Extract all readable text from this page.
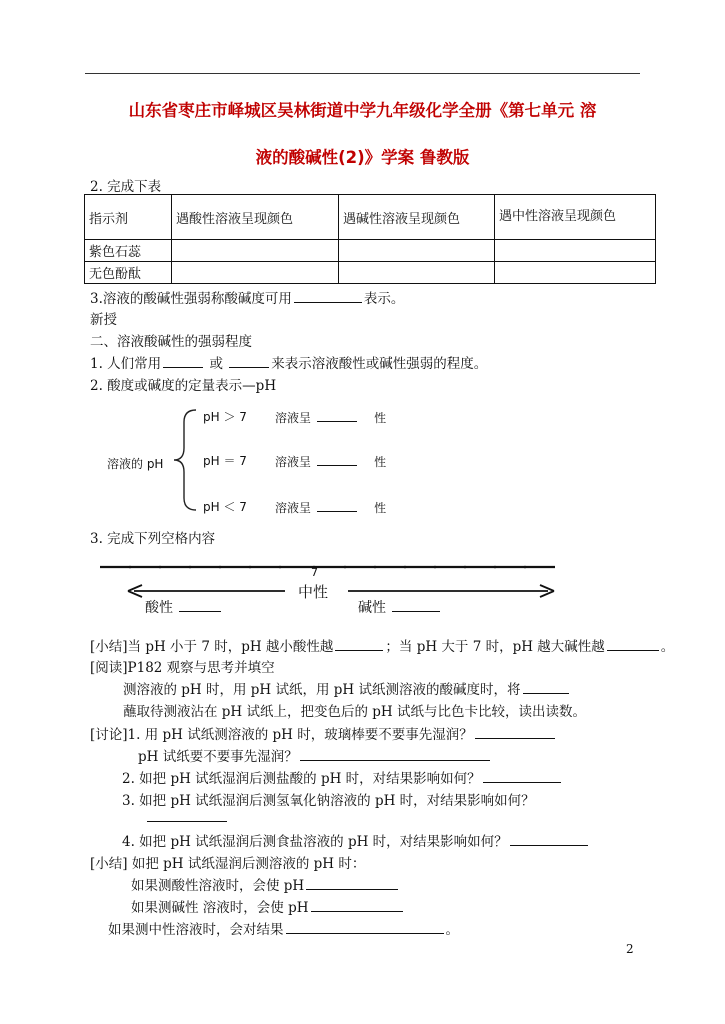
山东省枣庄市峄城区吴林街道中学九年级化学全册《第七单元 溶
液的酸碱性(2)》学案 鲁教版
2. 完成下表
指示剂	遇酸性溶液呈现颜色	遇碱性溶液呈现颜色	遇中性溶液呈现颜色
紫色石蕊			
无色酚酞			
3.溶液的酸碱性强弱称酸碱度可用	表示。
新授
二、溶液酸碱性的强弱程度
1. 人们常用	或	来表示溶液酸性或碱性强弱的程度。
2. 酸度或碱度的定量表示—pH
溶液的 pH
pH ＞ 7 溶液呈	性
pH ＝ 7 溶液呈	性
pH ＜ 7 溶液呈	性
3. 完成下列空格内容
7
中性
酸性	碱性
[小结]当 pH 小于 7 时，pH 越小酸性越	；当 pH 大于 7 时，pH 越大碱性越	。
[阅读]P182 观察与思考并填空
测溶液的 pH 时，用 pH 试纸，用 pH 试纸测溶液的酸碱度时，将
蘸取待测液沾在 pH 试纸上，把变色后的 pH 试纸与比色卡比较，读出读数。
[讨论]1. 用 pH 试纸测溶液的 pH 时，玻璃棒要不要事先湿润？
pH 试纸要不要事先湿润？
2. 如把 pH 试纸湿润后测盐酸的 pH 时，对结果影响如何？
3. 如把 pH 试纸湿润后测氢氧化钠溶液的 pH 时，对结果影响如何？
4. 如把 pH 试纸湿润后测食盐溶液的 pH 时，对结果影响如何？
[小结] 如把 pH 试纸湿润后测溶液的 pH 时：
如果测酸性溶液时，会使 pH
如果测碱性 溶液时，会使 pH
如果测中性溶液时，会对结果	。
2
